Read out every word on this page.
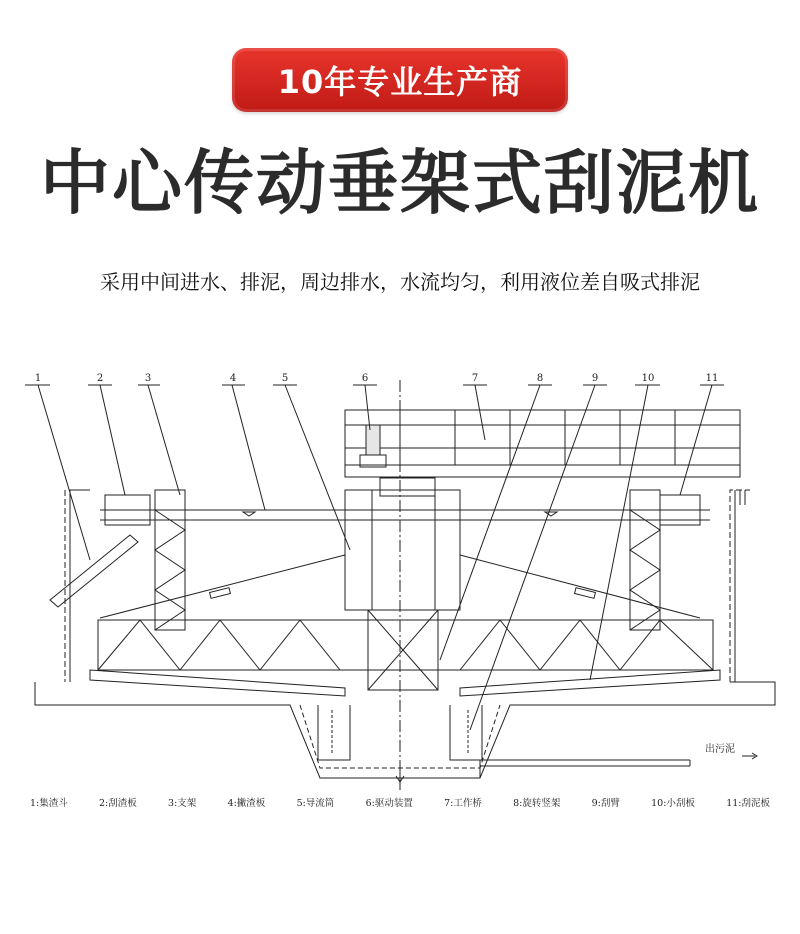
10年专业生产商
中心传动垂架式刮泥机
采用中间进水、排泥，周边排水，水流均匀，利用液位差自吸式排泥
1	2	3	4	5	6	7	8	9	10	11
出污泥
1:集渣斗	2:刮渣板	3:支架	4:撇渣板	5:导流筒	6:驱动装置	7:工作桥	8:旋转竖架	9:刮臂	10:小刮板	11:刮泥板
